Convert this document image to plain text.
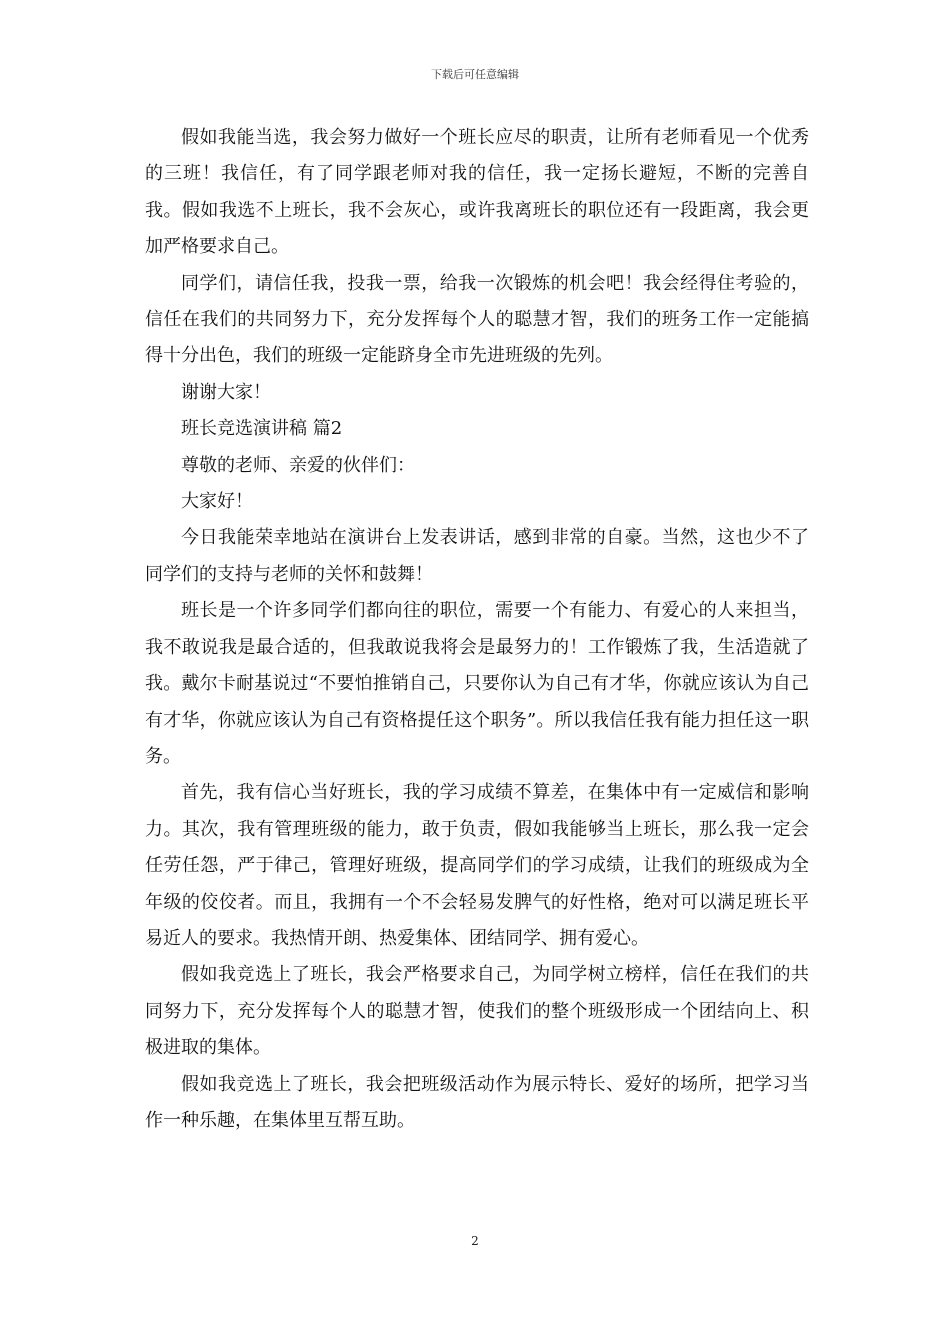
下载后可任意编辑

假如我能当选，我会努力做好一个班长应尽的职责，让所有老师看见一个优秀的三班！我信任，有了同学跟老师对我的信任，我一定扬长避短，不断的完善自我。假如我选不上班长，我不会灰心，或许我离班长的职位还有一段距离，我会更加严格要求自己。

同学们，请信任我，投我一票，给我一次锻炼的机会吧！我会经得住考验的，信任在我们的共同努力下，充分发挥每个人的聪慧才智，我们的班务工作一定能搞得十分出色，我们的班级一定能跻身全市先进班级的先列。

谢谢大家！

班长竞选演讲稿 篇2

尊敬的老师、亲爱的伙伴们：

大家好！

今日我能荣幸地站在演讲台上发表讲话，感到非常的自豪。当然，这也少不了同学们的支持与老师的关怀和鼓舞！

班长是一个许多同学们都向往的职位，需要一个有能力、有爱心的人来担当，我不敢说我是最合适的，但我敢说我将会是最努力的！工作锻炼了我，生活造就了我。戴尔卡耐基说过“不要怕推销自己，只要你认为自己有才华，你就应该认为自己有才华，你就应该认为自己有资格提任这个职务”。所以我信任我有能力担任这一职务。

首先，我有信心当好班长，我的学习成绩不算差，在集体中有一定威信和影响力。其次，我有管理班级的能力，敢于负责，假如我能够当上班长，那么我一定会任劳任怨，严于律己，管理好班级，提高同学们的学习成绩，让我们的班级成为全年级的佼佼者。而且，我拥有一个不会轻易发脾气的好性格，绝对可以满足班长平易近人的要求。我热情开朗、热爱集体、团结同学、拥有爱心。

假如我竞选上了班长，我会严格要求自己，为同学树立榜样，信任在我们的共同努力下，充分发挥每个人的聪慧才智，使我们的整个班级形成一个团结向上、积极进取的集体。

假如我竞选上了班长，我会把班级活动作为展示特长、爱好的场所，把学习当作一种乐趣，在集体里互帮互助。

2
